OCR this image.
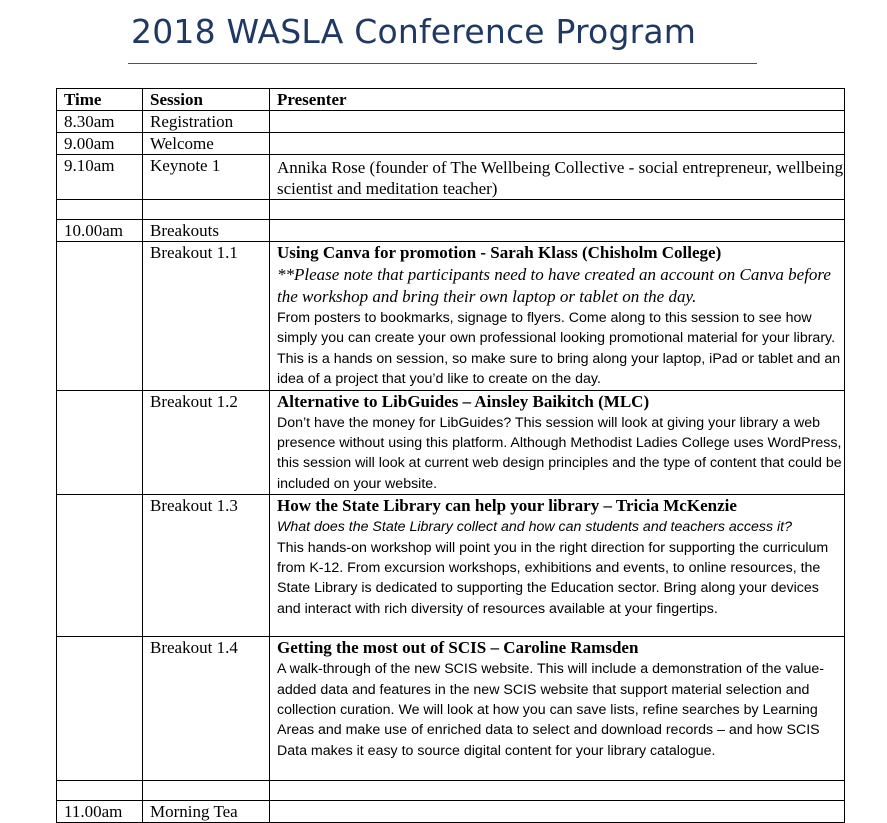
2018 WASLA Conference Program
Time	Session	Presenter
8.30am	Registration	
9.00am	Welcome	
9.10am	Keynote 1	Annika Rose (founder of The Wellbeing Collective - social entrepreneur, wellbeing scientist and meditation teacher)

10.00am	Breakouts	
	Breakout 1.1	Using Canva for promotion - Sarah Klass (Chisholm College)
**Please note that participants need to have created an account on Canva before the workshop and bring their own laptop or tablet on the day.
From posters to bookmarks, signage to flyers. Come along to this session to see how simply you can create your own professional looking promotional material for your library. This is a hands on session, so make sure to bring along your laptop, iPad or tablet and an idea of a project that you’d like to create on the day.

	Breakout 1.2	Alternative to LibGuides – Ainsley Baikitch (MLC)
Don’t have the money for LibGuides? This session will look at giving your library a web presence without using this platform. Although Methodist Ladies College uses WordPress, this session will look at current web design principles and the type of content that could be included on your website.

	Breakout 1.3	How the State Library can help your library – Tricia McKenzie
What does the State Library collect and how can students and teachers access it?
This hands-on workshop will point you in the right direction for supporting the curriculum from K-12. From excursion workshops, exhibitions and events, to online resources, the State Library is dedicated to supporting the Education sector. Bring along your devices and interact with rich diversity of resources available at your fingertips.

	Breakout 1.4	Getting the most out of SCIS – Caroline Ramsden
A walk-through of the new SCIS website. This will include a demonstration of the value-added data and features in the new SCIS website that support material selection and collection curation. We will look at how you can save lists, refine searches by Learning Areas and make use of enriched data to select and download records – and how SCIS Data makes it easy to source digital content for your library catalogue.

11.00am	Morning Tea	
